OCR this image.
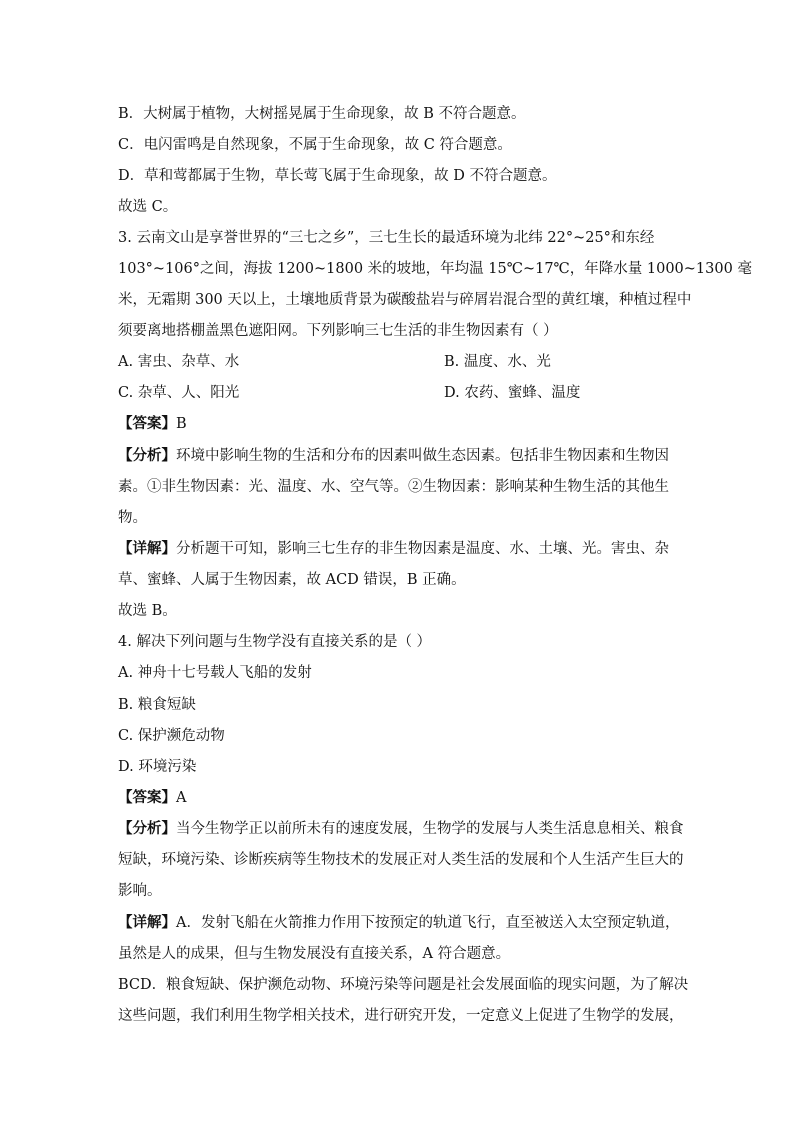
B．大树属于植物，大树摇晃属于生命现象，故 B 不符合题意。
C．电闪雷鸣是自然现象，不属于生命现象，故 C 符合题意。
D．草和莺都属于生物，草长莺飞属于生命现象，故 D 不符合题意。
故选 C。
3. 云南文山是享誉世界的“三七之乡”，三七生长的最适环境为北纬 22°~25°和东经
103°~106°之间，海拔 1200~1800 米的坡地，年均温 15℃~17℃，年降水量 1000~1300 毫
米，无霜期 300 天以上，土壤地质背景为碳酸盐岩与碎屑岩混合型的黄红壤，种植过程中
须要离地搭棚盖黑色遮阳网。下列影响三七生活的非生物因素有（ ）
A. 害虫、杂草、水	B. 温度、水、光
C. 杂草、人、阳光	D. 农药、蜜蜂、温度
【答案】B
【分析】环境中影响生物的生活和分布的因素叫做生态因素。包括非生物因素和生物因
素。①非生物因素：光、温度、水、空气等。②生物因素：影响某种生物生活的其他生
物。
【详解】分析题干可知，影响三七生存的非生物因素是温度、水、土壤、光。害虫、杂
草、蜜蜂、人属于生物因素，故 ACD 错误，B 正确。
故选 B。
4. 解决下列问题与生物学没有直接关系的是（ ）
A. 神舟十七号载人飞船的发射
B. 粮食短缺
C. 保护濒危动物
D. 环境污染
【答案】A
【分析】当今生物学正以前所未有的速度发展，生物学的发展与人类生活息息相关、粮食
短缺，环境污染、诊断疾病等生物技术的发展正对人类生活的发展和个人生活产生巨大的
影响。
【详解】A．发射飞船在火箭推力作用下按预定的轨道飞行，直至被送入太空预定轨道，
虽然是人的成果，但与生物发展没有直接关系，A 符合题意。
BCD．粮食短缺、保护濒危动物、环境污染等问题是社会发展面临的现实问题，为了解决
这些问题，我们利用生物学相关技术，进行研究开发，一定意义上促进了生物学的发展，
